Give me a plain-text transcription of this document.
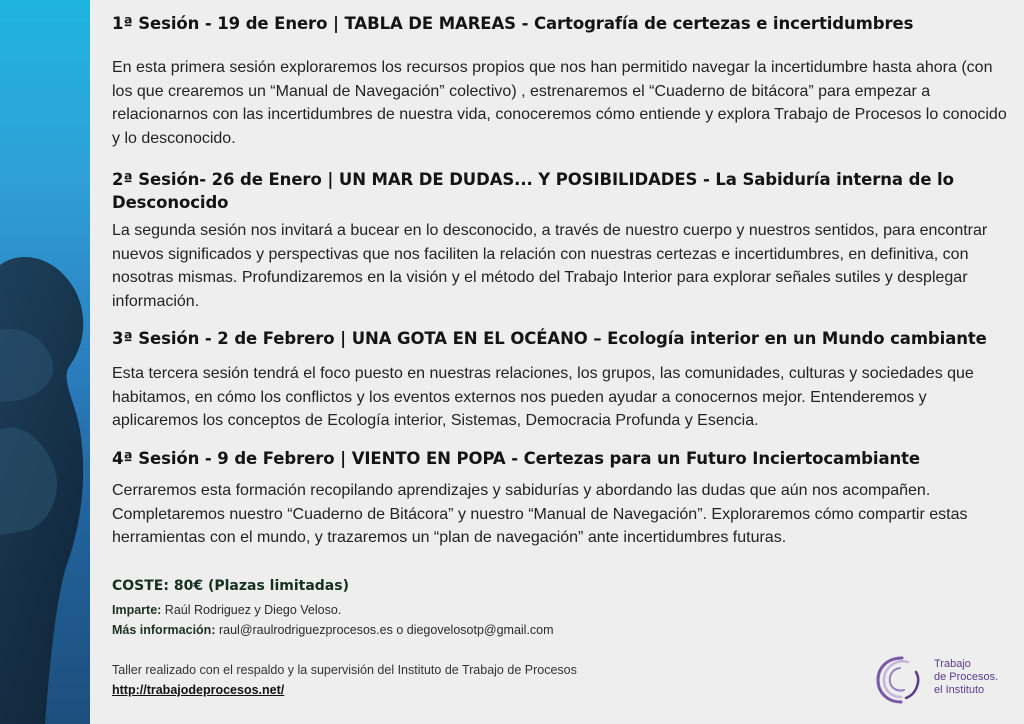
1ª Sesión - 19 de Enero | TABLA DE MAREAS - Cartografía de certezas e incertidumbres
En esta primera sesión exploraremos los recursos propios que nos han permitido navegar la incertidumbre hasta ahora (con los que crearemos un “Manual de Navegación” colectivo) , estrenaremos el “Cuaderno de bitácora” para empezar a relacionarnos con las incertidumbres de nuestra vida, conoceremos cómo entiende y explora Trabajo de Procesos lo conocido y lo desconocido.
2ª Sesión- 26 de Enero | UN MAR DE DUDAS... Y POSIBILIDADES - La Sabiduría interna de lo Desconocido
La segunda sesión nos invitará a bucear en lo desconocido, a través de nuestro cuerpo y nuestros sentidos, para encontrar nuevos significados y perspectivas que nos faciliten la relación con nuestras certezas e incertidumbres, en definitiva, con nosotras mismas. Profundizaremos en la visión y el método del Trabajo Interior para explorar señales sutiles y desplegar información.
3ª Sesión - 2 de Febrero | UNA GOTA EN EL OCÉANO – Ecología interior en un Mundo cambiante
Esta tercera sesión tendrá el foco puesto en nuestras relaciones, los grupos, las comunidades, culturas y sociedades que habitamos, en cómo los conflictos y los eventos externos nos pueden ayudar a conocernos mejor. Entenderemos y aplicaremos los conceptos de Ecología interior, Sistemas, Democracia Profunda y Esencia.
4ª Sesión - 9 de Febrero | VIENTO EN POPA - Certezas para un Futuro Inciertocambiante
Cerraremos esta formación recopilando aprendizajes y sabidurías y abordando las dudas que aún nos acompañen. Completaremos nuestro “Cuaderno de Bitácora” y nuestro “Manual de Navegación”. Exploraremos cómo compartir estas herramientas con el mundo, y trazaremos un “plan de navegación” ante incertidumbres futuras.
COSTE: 80€ (Plazas limitadas)
Imparte: Raúl Rodriguez y Diego Veloso.
Más información: raul@raulrodriguezprocesos.es o diegovelosotp@gmail.com
Taller realizado con el respaldo y la supervisión del Instituto de Trabajo de Procesos
http://trabajodeprocesos.net/
Trabajo
de Procesos.
el Instituto
